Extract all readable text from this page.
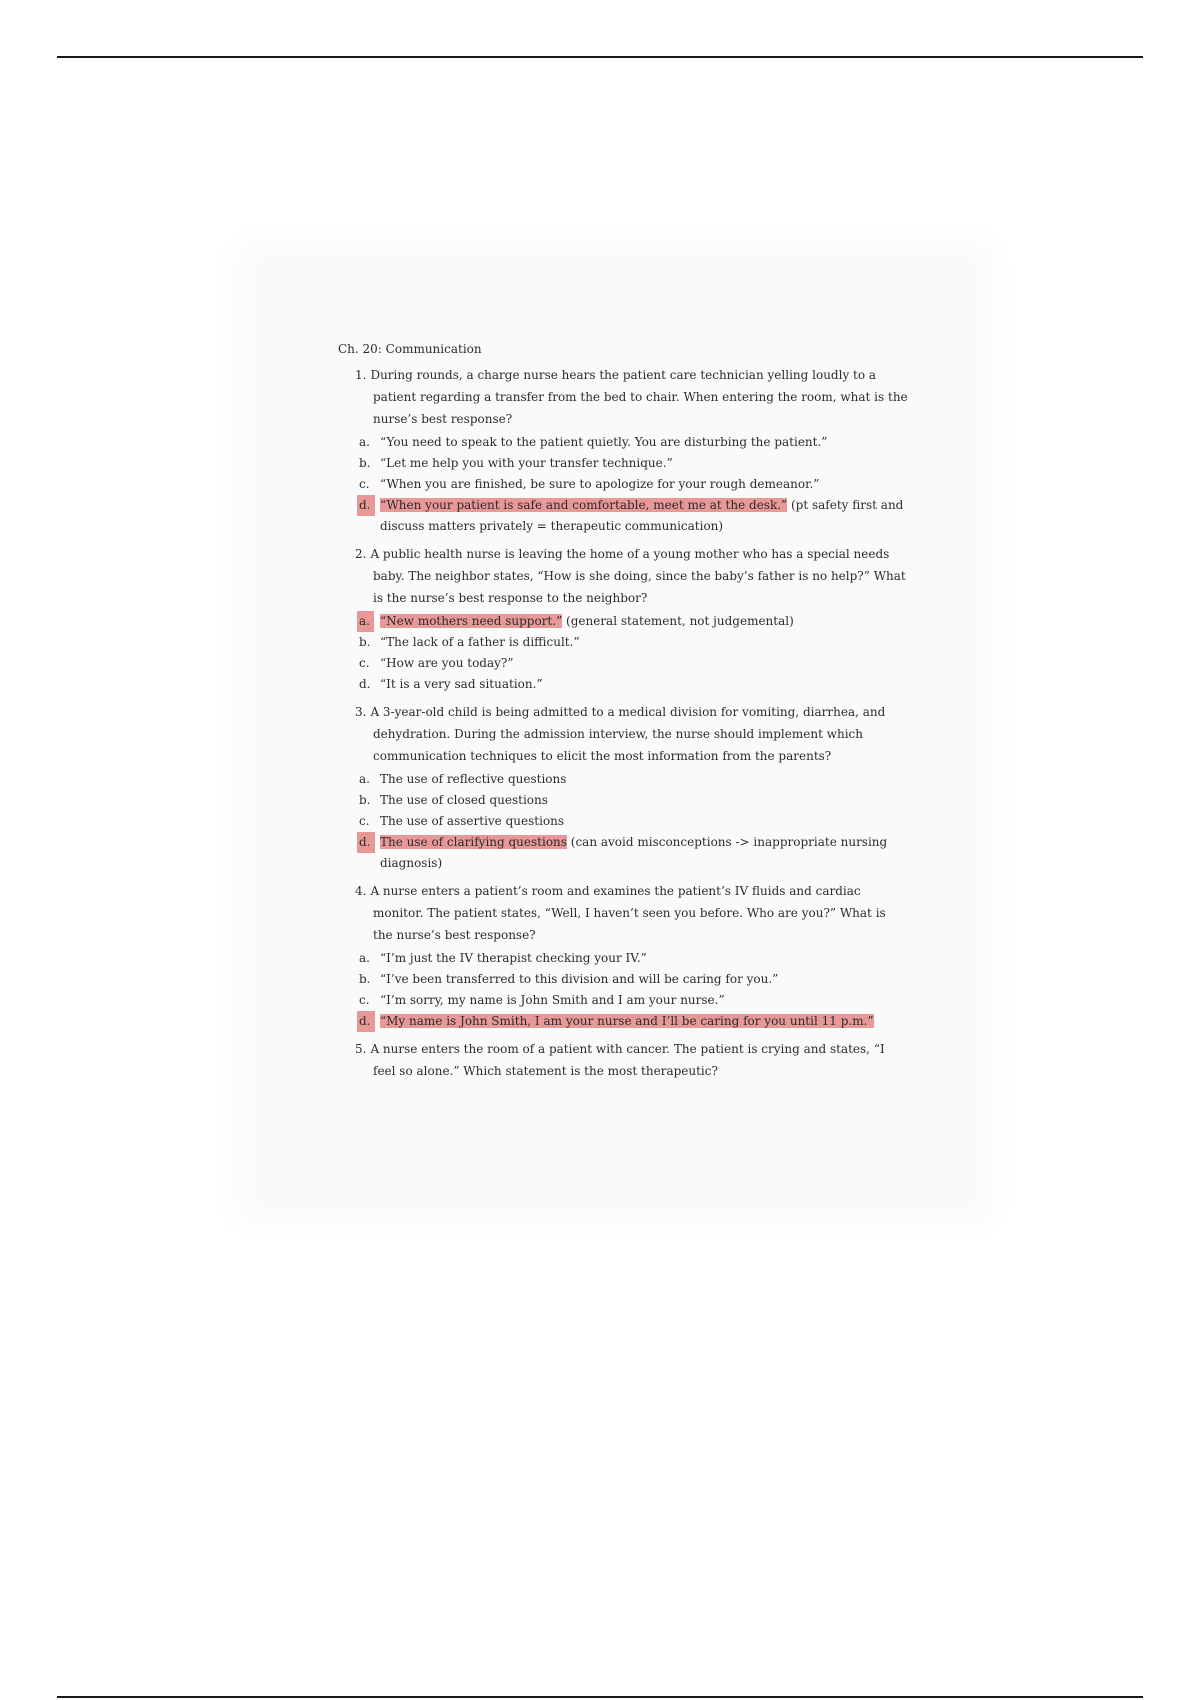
Ch. 20: Communication

1. During rounds, a charge nurse hears the patient care technician yelling loudly to a patient regarding a transfer from the bed to chair. When entering the room, what is the nurse’s best response?

a. “You need to speak to the patient quietly. You are disturbing the patient.”
b. “Let me help you with your transfer technique.”
c. “When you are finished, be sure to apologize for your rough demeanor.”
d. “When your patient is safe and comfortable, meet me at the desk.” (pt safety first and discuss matters privately = therapeutic communication)

2. A public health nurse is leaving the home of a young mother who has a special needs baby. The neighbor states, “How is she doing, since the baby’s father is no help?” What is the nurse’s best response to the neighbor?

a. “New mothers need support.” (general statement, not judgemental)
b. “The lack of a father is difficult.”
c. “How are you today?”
d. “It is a very sad situation.”

3. A 3-year-old child is being admitted to a medical division for vomiting, diarrhea, and dehydration. During the admission interview, the nurse should implement which communication techniques to elicit the most information from the parents?

a. The use of reflective questions
b. The use of closed questions
c. The use of assertive questions
d. The use of clarifying questions (can avoid misconceptions -> inappropriate nursing diagnosis)

4. A nurse enters a patient’s room and examines the patient’s IV fluids and cardiac monitor. The patient states, “Well, I haven’t seen you before. Who are you?” What is the nurse’s best response?

a. “I’m just the IV therapist checking your IV.”
b. “I’ve been transferred to this division and will be caring for you.”
c. “I’m sorry, my name is John Smith and I am your nurse.”
d. “My name is John Smith, I am your nurse and I’ll be caring for you until 11 p.m.”

5. A nurse enters the room of a patient with cancer. The patient is crying and states, “I feel so alone.” Which statement is the most therapeutic?
